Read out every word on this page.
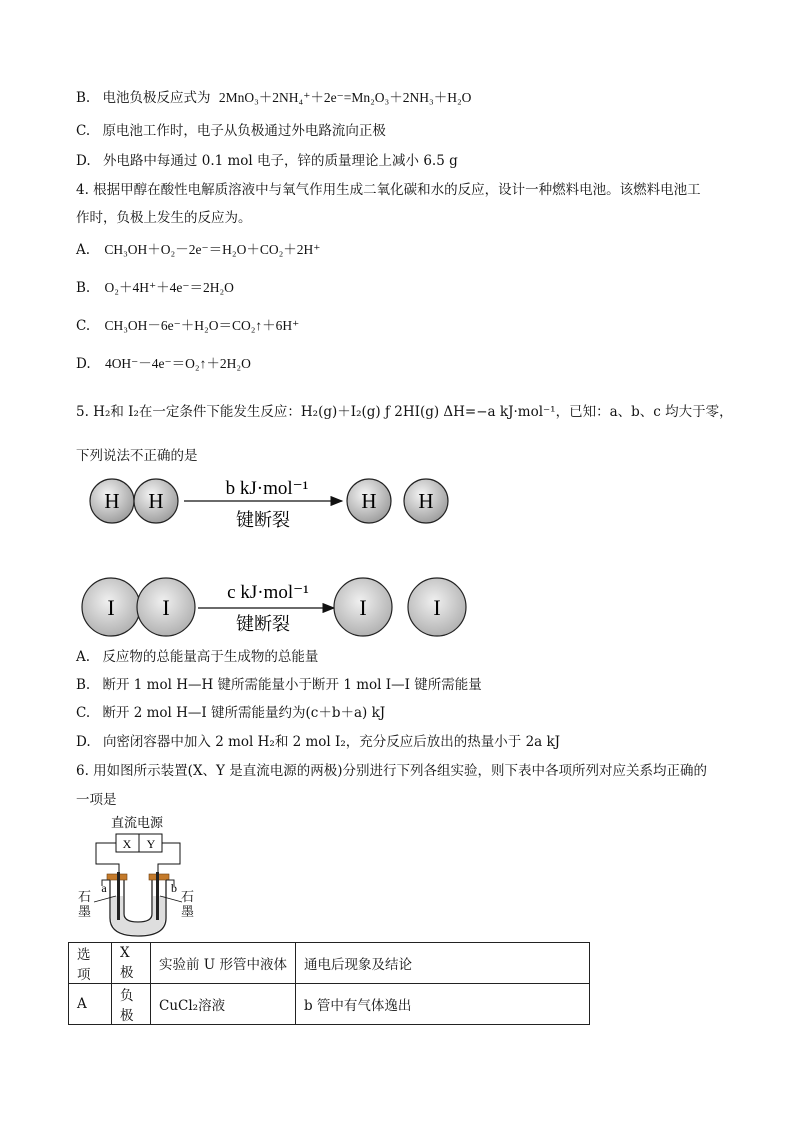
B. 电池负极反应式为 2MnO₃＋2NH₄⁺＋2e⁻=Mn₂O₃＋2NH₃＋H₂O
C. 原电池工作时，电子从负极通过外电路流向正极
D. 外电路中每通过 0.1 mol 电子，锌的质量理论上减小 6.5 g
4. 根据甲醇在酸性电解质溶液中与氧气作用生成二氧化碳和水的反应，设计一种燃料电池。该燃料电池工
作时，负极上发生的反应为。
A. CH₃OH＋O₂－2e⁻＝H₂O＋CO₂＋2H⁺
B. O₂＋4H⁺＋4e⁻＝2H₂O
C. CH₃OH－6e⁻＋H₂O＝CO₂↑＋6H⁺
D. 4OH⁻－4e⁻＝O₂↑＋2H₂O
5. H₂和 I₂在一定条件下能发生反应：H₂(g)＋I₂(g) ƒ 2HI(g) ΔH=−a kJ·mol⁻¹，已知：a、b、c 均大于零，
下列说法不正确的是
H H
b kJ·mol⁻¹
键断裂
H H
I I
c kJ·mol⁻¹
键断裂
I	I
A. 反应物的总能量高于生成物的总能量
B. 断开 1 mol H—H 键所需能量小于断开 1 mol I—I 键所需能量
C. 断开 2 mol H—I 键所需能量约为(c＋b＋a) kJ
D. 向密闭容器中加入 2 mol H₂和 2 mol I₂，充分反应后放出的热量小于 2a kJ
6. 用如图所示装置(X、Y 是直流电源的两极)分别进行下列各组实验，则下表中各项所列对应关系均正确的
一项是
直流电源
X Y
a	b
石墨
石墨
选项	X极	实验前 U 形管中液体	通电后现象及结论
A	负极	CuCl₂溶液	b 管中有气体逸出
